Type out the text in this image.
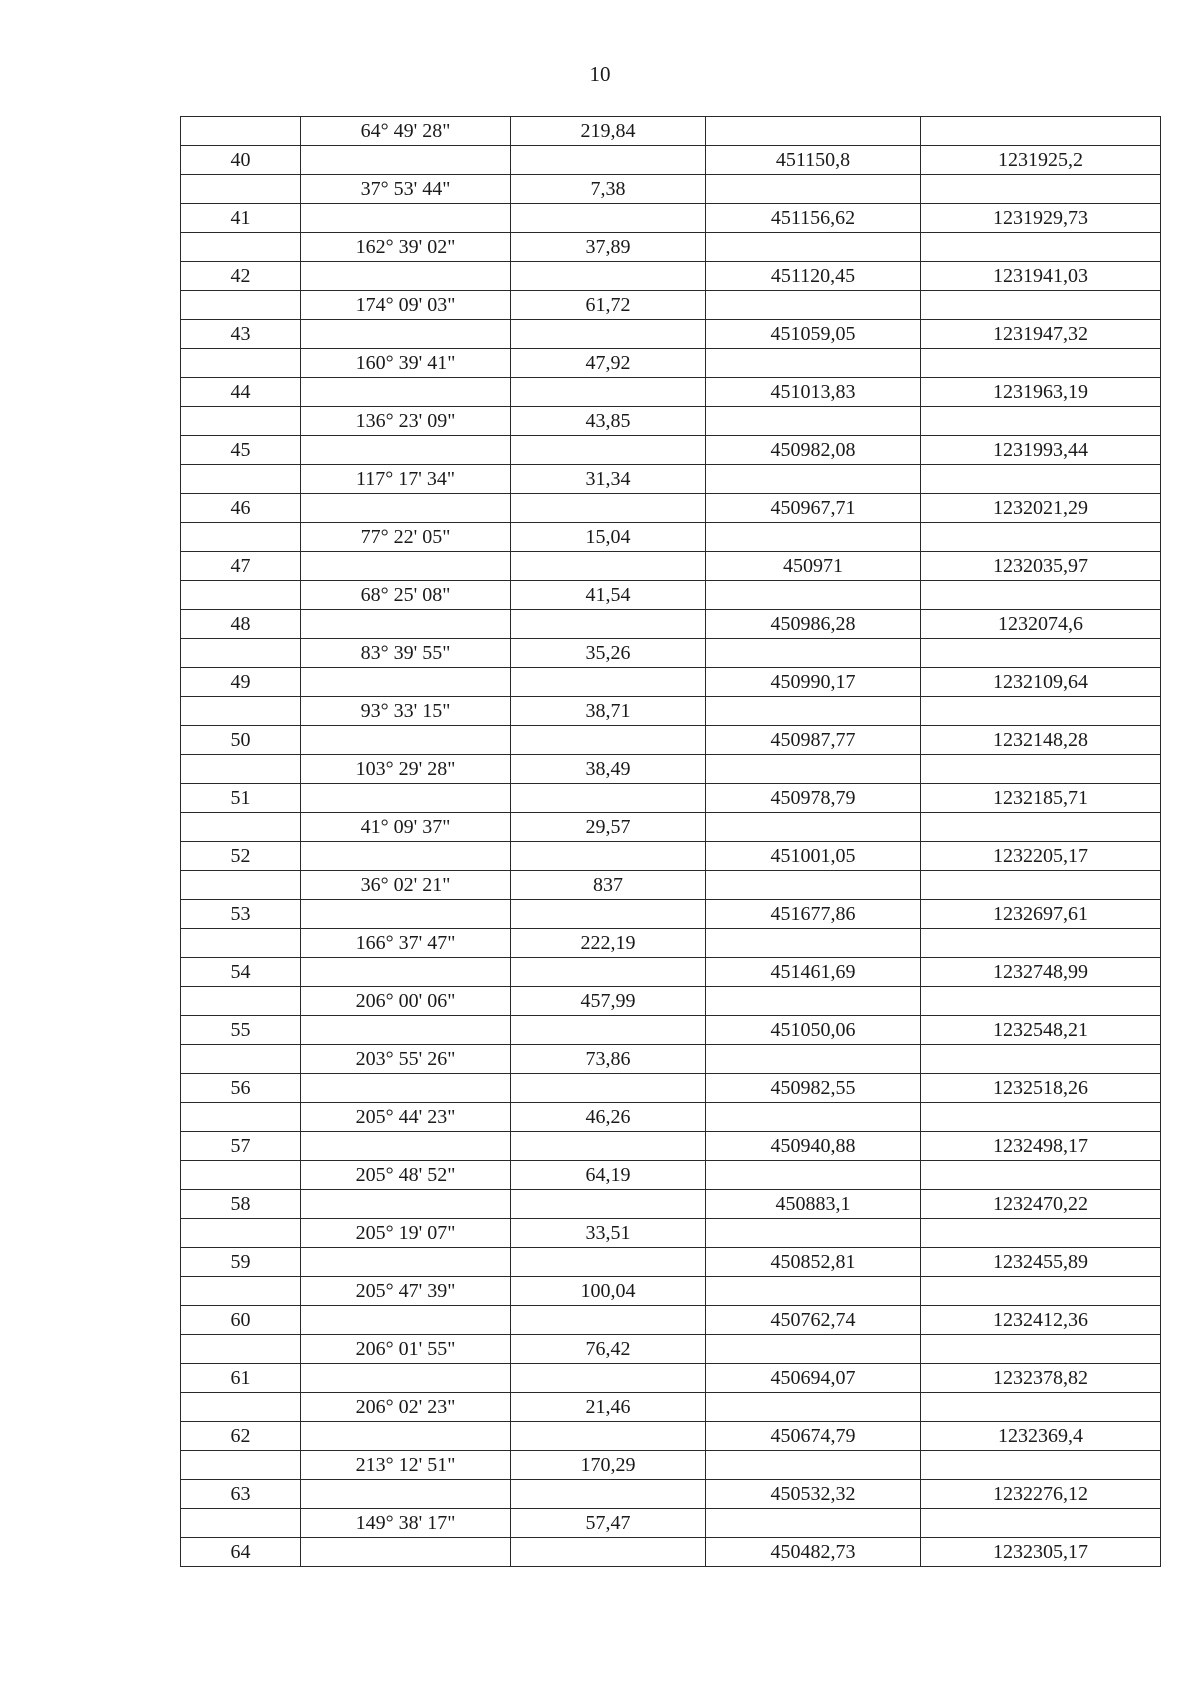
10
	64° 49' 28"	219,84		
40			451150,8	1231925,2
	37° 53' 44"	7,38		
41			451156,62	1231929,73
	162° 39' 02"	37,89		
42			451120,45	1231941,03
	174° 09' 03"	61,72		
43			451059,05	1231947,32
	160° 39' 41"	47,92		
44			451013,83	1231963,19
	136° 23' 09"	43,85		
45			450982,08	1231993,44
	117° 17' 34"	31,34		
46			450967,71	1232021,29
	77° 22' 05"	15,04		
47			450971	1232035,97
	68° 25' 08"	41,54		
48			450986,28	1232074,6
	83° 39' 55"	35,26		
49			450990,17	1232109,64
	93° 33' 15"	38,71		
50			450987,77	1232148,28
	103° 29' 28"	38,49		
51			450978,79	1232185,71
	41° 09' 37"	29,57		
52			451001,05	1232205,17
	36° 02' 21"	837		
53			451677,86	1232697,61
	166° 37' 47"	222,19		
54			451461,69	1232748,99
	206° 00' 06"	457,99		
55			451050,06	1232548,21
	203° 55' 26"	73,86		
56			450982,55	1232518,26
	205° 44' 23"	46,26		
57			450940,88	1232498,17
	205° 48' 52"	64,19		
58			450883,1	1232470,22
	205° 19' 07"	33,51		
59			450852,81	1232455,89
	205° 47' 39"	100,04		
60			450762,74	1232412,36
	206° 01' 55"	76,42		
61			450694,07	1232378,82
	206° 02' 23"	21,46		
62			450674,79	1232369,4
	213° 12' 51"	170,29		
63			450532,32	1232276,12
	149° 38' 17"	57,47		
64			450482,73	1232305,17
